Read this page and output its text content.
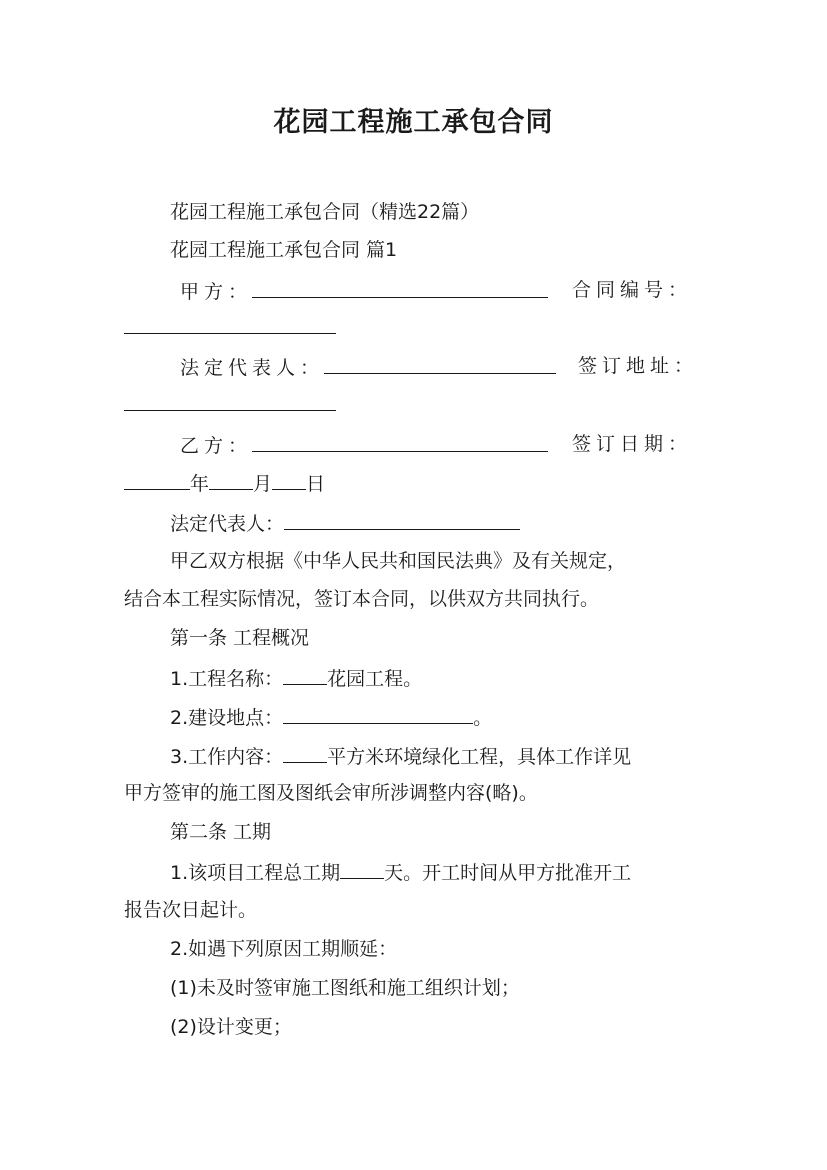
花园工程施工承包合同
花园工程施工承包合同（精选22篇）
花园工程施工承包合同 篇1
甲方：	合同编号：
法定代表人：	签订地址：
乙方：	签订日期：
年 月 日
法定代表人：
甲乙双方根据《中华人民共和国民法典》及有关规定，
结合本工程实际情况，签订本合同，以供双方共同执行。
第一条 工程概况
1.工程名称： 花园工程。
2.建设地点：	。
3.工作内容： 平方米环境绿化工程，具体工作详见
甲方签审的施工图及图纸会审所涉调整内容(略)。
第二条 工期
1.该项目工程总工期 天。开工时间从甲方批准开工
报告次日起计。
2.如遇下列原因工期顺延：
(1)未及时签审施工图纸和施工组织计划；
(2)设计变更；
